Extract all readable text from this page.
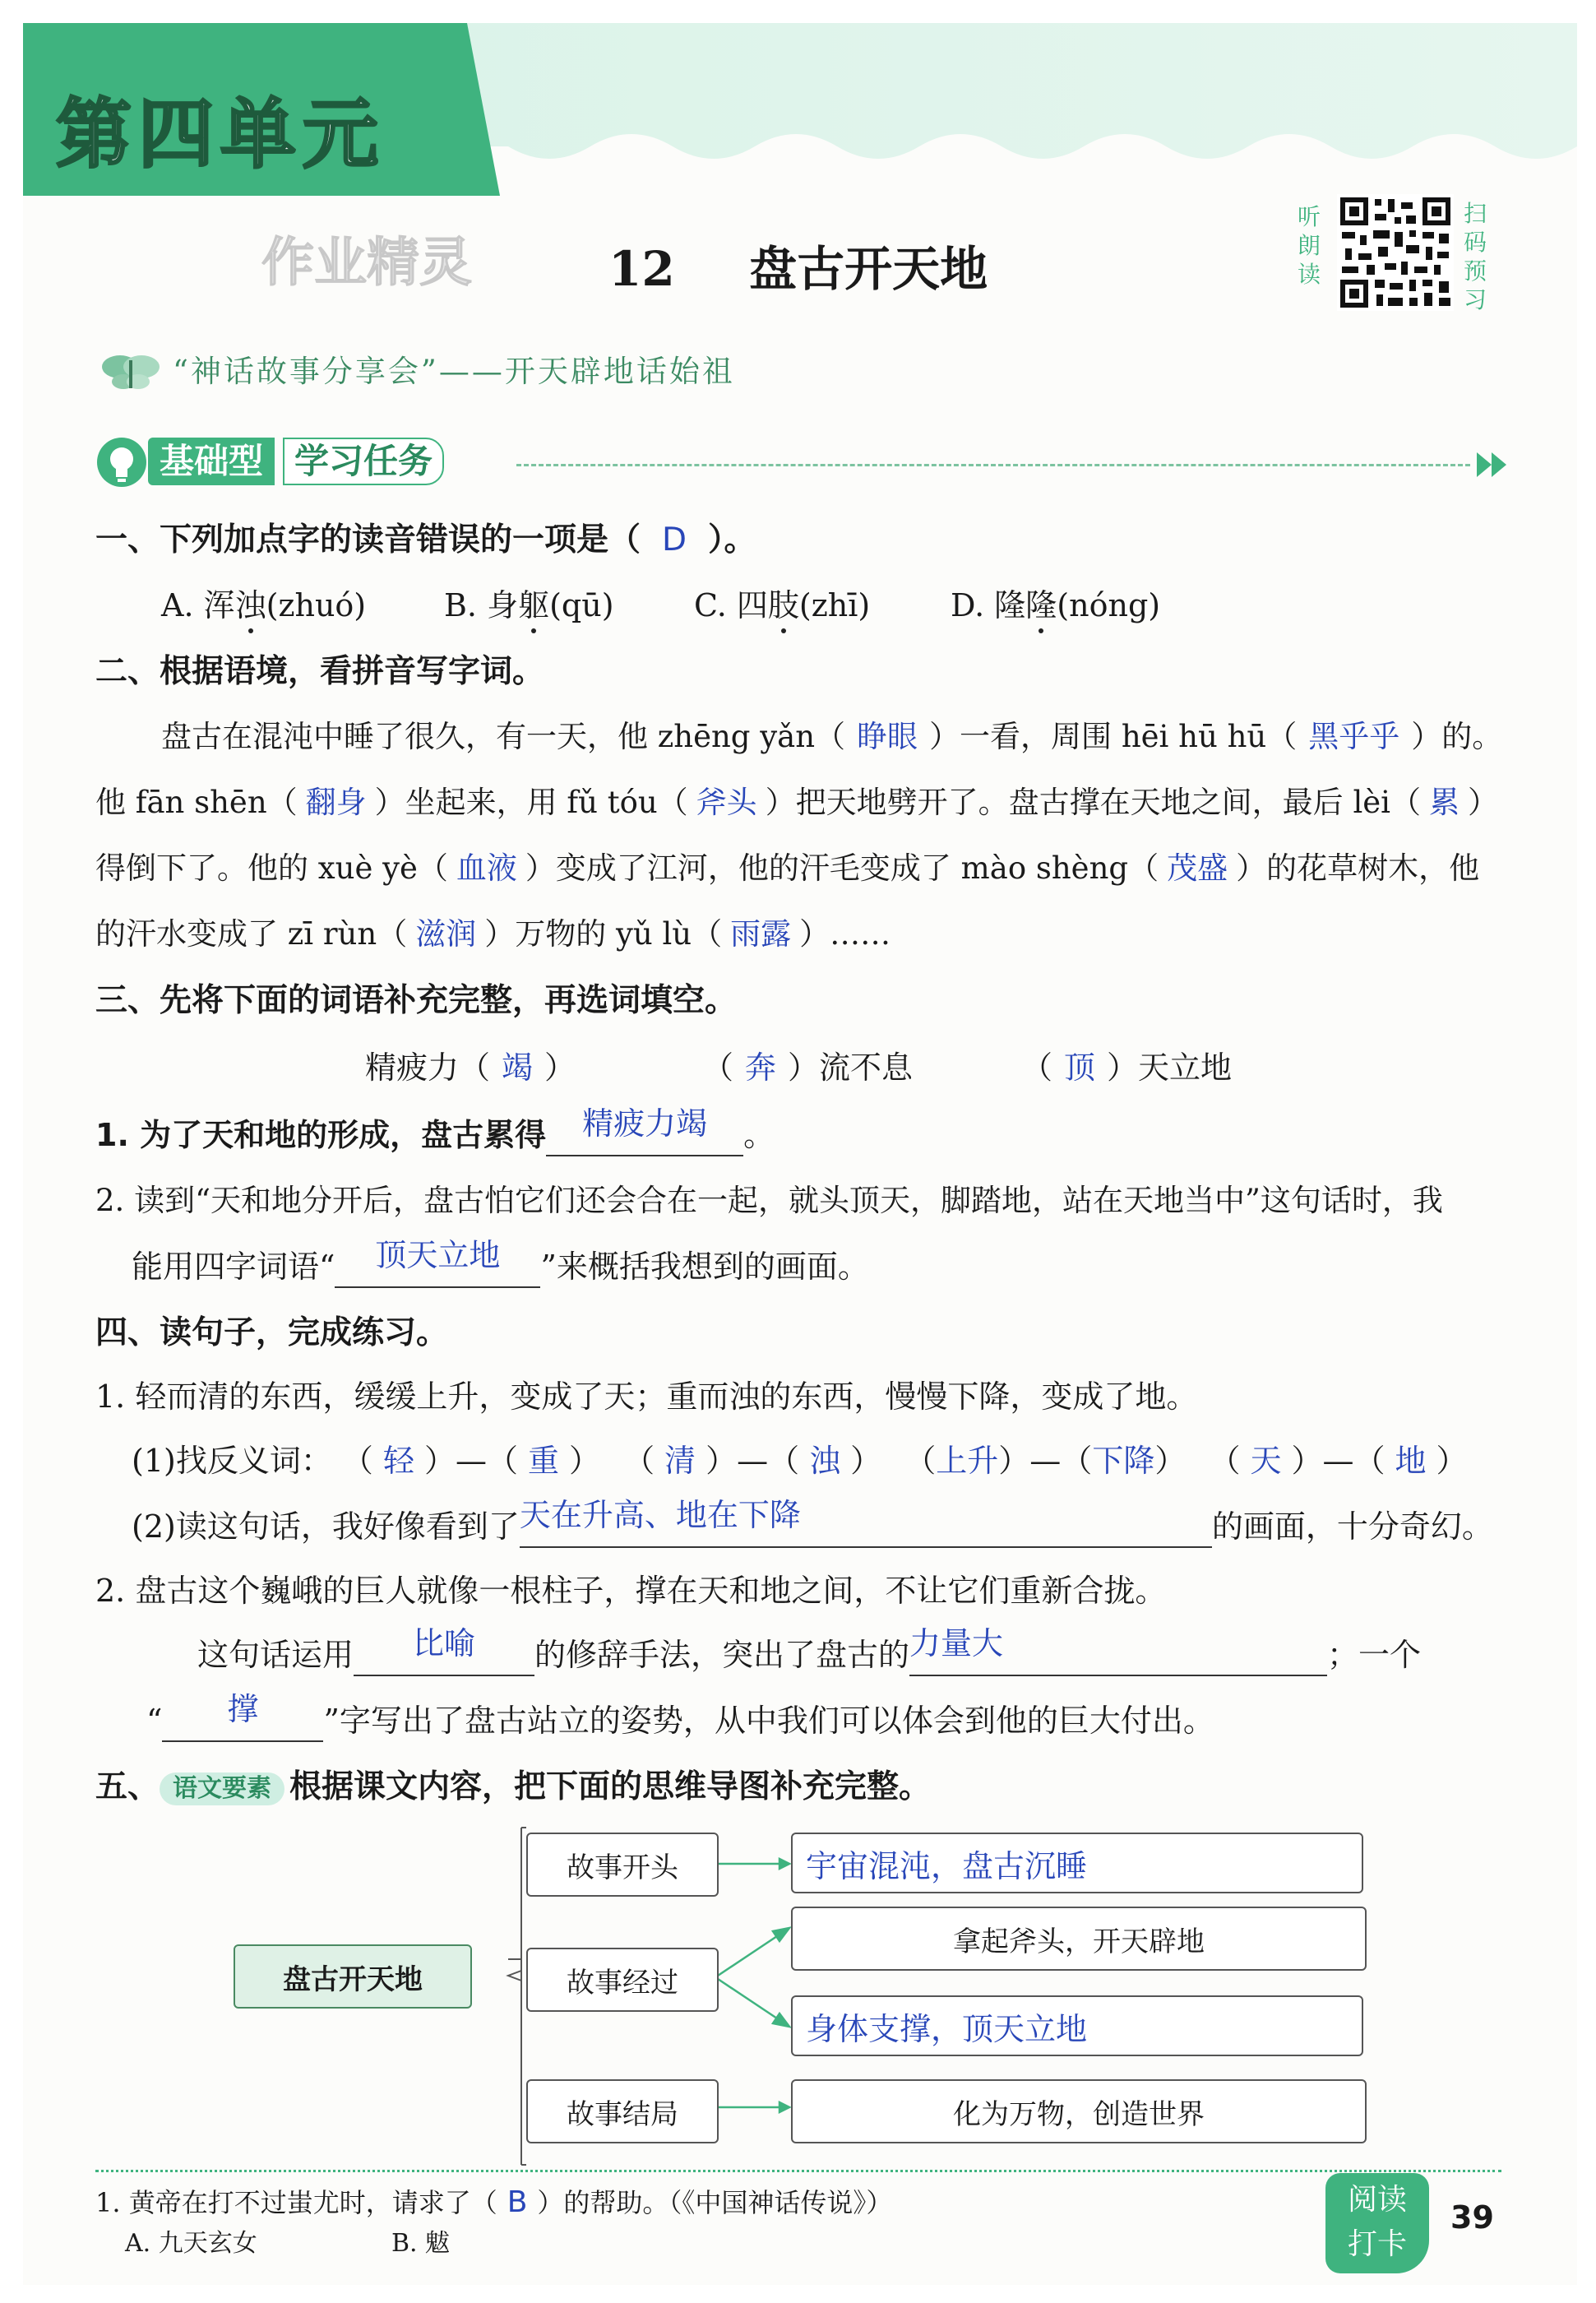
第四单元
作业精灵	12 盘古开天地
听
朗
读
扫
码
预
习
“神话故事分享会”——开天辟地话始祖
基础型 学习任务
一、下列加点字的读音错误的一项是（ D ）。
A. 浑浊(zhuó) B. 身躯(qū)	C. 四肢(zhī)	D. 隆隆(nóng)
二、根据语境，看拼音写字词。
盘古在混沌中睡了很久，有一天，他 zhēng yǎn（ 睁眼 ）一看，周围 hēi hū hū（ 黑乎乎 ）的。
他 fān shēn（ 翻身 ）坐起来，用 fǔ tóu（ 斧头 ）把天地劈开了。盘古撑在天地之间，最后 lèi（ 累 ）
得倒下了。他的 xuè yè（ 血液 ）变成了江河，他的汗毛变成了 mào shèng（ 茂盛 ）的花草树木，他
的汗水变成了 zī rùn（ 滋润 ）万物的 yǔ lù（ 雨露 ）……
三、先将下面的词语补充完整，再选词填空。
精疲力（ 竭 ）	（ 奔 ）流不息	（ 顶 ）天立地
1. 为了天和地的形成，盘古累得 精疲力竭 。
2. 读到“天和地分开后，盘古怕它们还会合在一起，就头顶天，脚踏地，站在天地当中”这句话时，我
能用四字词语“ 顶天立地 ”来概括我想到的画面。
四、读句子，完成练习。
1. 轻而清的东西，缓缓上升，变成了天；重而浊的东西，慢慢下降，变成了地。
(1)找反义词： （ 轻 ）—（ 重 ） （ 清 ）—（ 浊 ） （上升）—（下降） （ 天 ）—（ 地 ）
(2)读这句话，我好像看到了天在升高、地在下降	的画面，十分奇幻。
2. 盘古这个巍峨的巨人就像一根柱子，撑在天和地之间，不让它们重新合拢。
这句话运用 比喻 的修辞手法，突出了盘古的力量大	；一个
“ 撑 ”字写出了盘古站立的姿势，从中我们可以体会到他的巨大付出。
五、 语文要素 根据课文内容，把下面的思维导图补充完整。
盘古开天地
故事开头
故事经过
故事结局
宇宙混沌，盘古沉睡
拿起斧头，开天辟地
身体支撑，顶天立地
化为万物，创造世界
1. 黄帝在打不过蚩尤时，请求了（ B ）的帮助。（《中国神话传说》）
A. 九天玄女	B. 魃
阅读
打卡
39
